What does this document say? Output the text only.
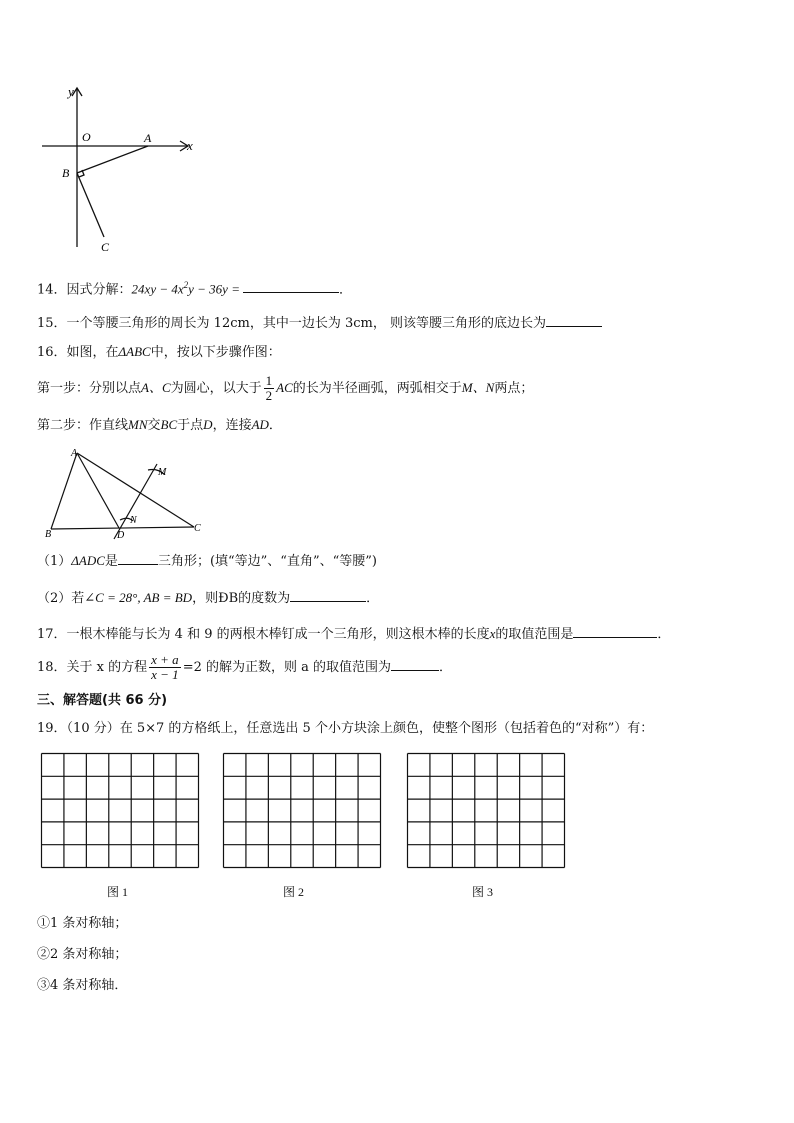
y
x
O	A
B
C
14．因式分解：$24xy - 4x^2y - 36y$ =	．
15．一个等腰三角形的周长为 12cm，其中一边长为 3cm， 则该等腰三角形的底边长为
16．如图，在ΔABC中，按以下步骤作图：
第一步：分别以点A、C为圆心，以大于 $\frac{1}{2}$ AC的长为半径画弧，两弧相交于M、N两点；
第二步：作直线MN交BC于点D，连接AD．
A
B
C
D
M
N
（1）ΔADC是	三角形；(填“等边”、“直角”、“等腰”)
（2）若∠C = 28°, AB = BD，则ÐB的度数为	．
17．一根木棒能与长为 4 和 9 的两根木棒钉成一个三角形，则这根木棒的长度x的取值范围是	．
18．关于 x 的方程 $\frac{x + a}{x - 1} =2$ 的解为正数，则 a 的取值范围为	．
三、解答题(共 66 分)
19．（10 分）在 5×7 的方格纸上，任意选出 5 个小方块涂上颜色，使整个图形（包括着色的“对称”）有：
图 1	图 2	图 3
①1 条对称轴；
②2 条对称轴；
③4 条对称轴．
